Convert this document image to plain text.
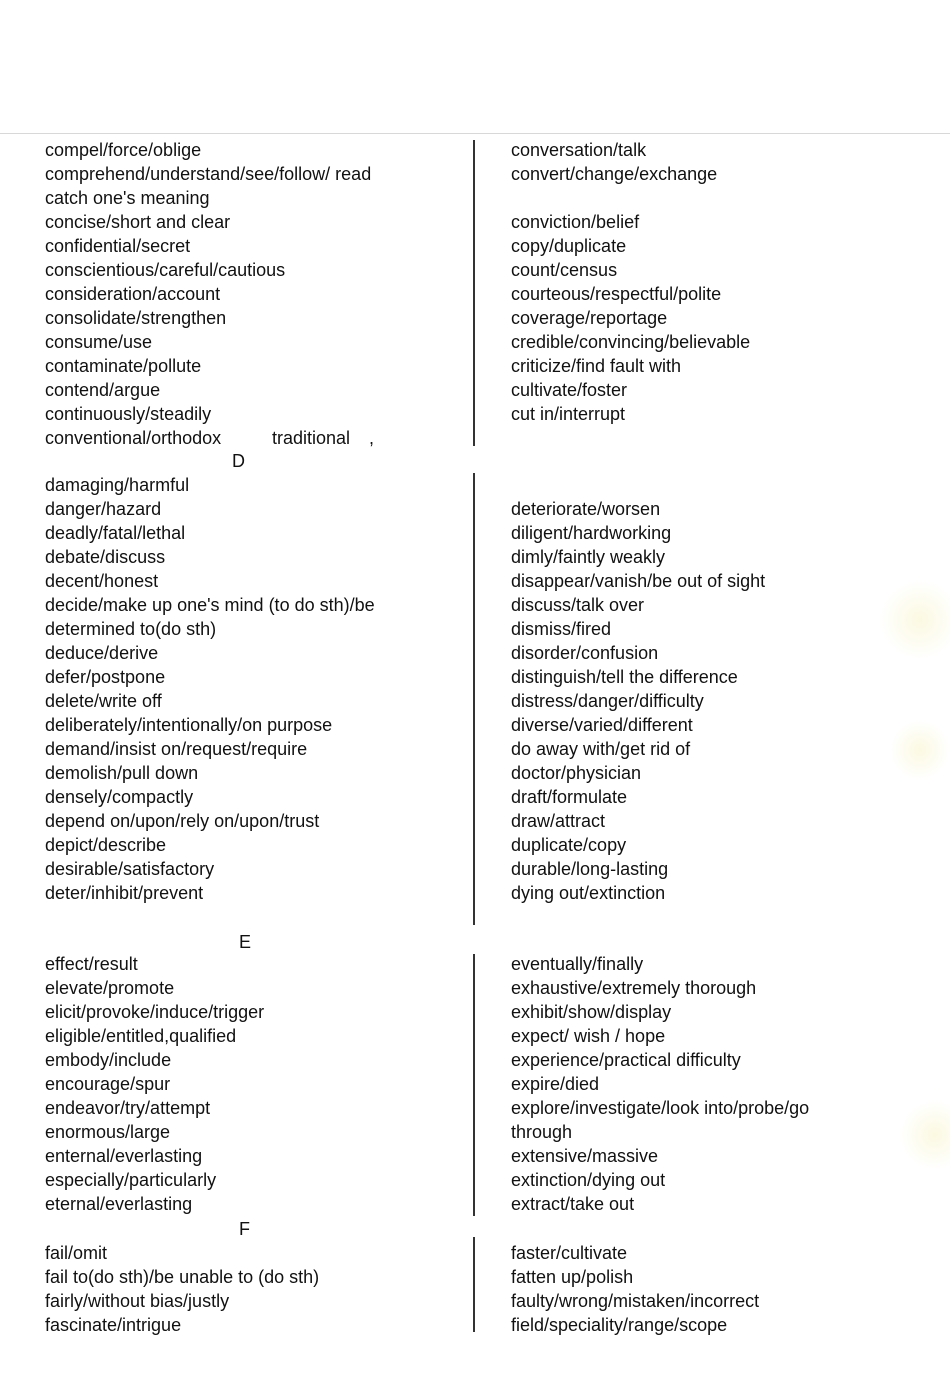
compel/force/oblige
comprehend/understand/see/follow/ read
catch one's meaning
concise/short and clear
confidential/secret
conscientious/careful/cautious
consideration/account
consolidate/strengthen
consume/use
contaminate/pollute
contend/argue
continuously/steadily
conventional/orthodox	traditional ,
conversation/talk
convert/change/exchange
conviction/belief
copy/duplicate
count/census
courteous/respectful/polite
coverage/reportage
credible/convincing/believable
criticize/find fault with
cultivate/foster
cut in/interrupt
D
damaging/harmful
danger/hazard
deadly/fatal/lethal
debate/discuss
decent/honest
decide/make up one's mind (to do sth)/be
determined to(do sth)
deduce/derive
defer/postpone
delete/write off
deliberately/intentionally/on purpose
demand/insist on/request/require
demolish/pull down
densely/compactly
depend on/upon/rely on/upon/trust
depict/describe
desirable/satisfactory
deter/inhibit/prevent
deteriorate/worsen
diligent/hardworking
dimly/faintly weakly
disappear/vanish/be out of sight
discuss/talk over
dismiss/fired
disorder/confusion
distinguish/tell the difference
distress/danger/difficulty
diverse/varied/different
do away with/get rid of
doctor/physician
draft/formulate
draw/attract
duplicate/copy
durable/long-lasting
dying out/extinction
E
effect/result
elevate/promote
elicit/provoke/induce/trigger
eligible/entitled,qualified
embody/include
encourage/spur
endeavor/try/attempt
enormous/large
enternal/everlasting
especially/particularly
eternal/everlasting
eventually/finally
exhaustive/extremely thorough
exhibit/show/display
expect/ wish / hope
experience/practical difficulty
expire/died
explore/investigate/look into/probe/go
through
extensive/massive
extinction/dying out
extract/take out
F
fail/omit
fail to(do sth)/be unable to (do sth)
fairly/without bias/justly
fascinate/intrigue
faster/cultivate
fatten up/polish
faulty/wrong/mistaken/incorrect
field/speciality/range/scope
